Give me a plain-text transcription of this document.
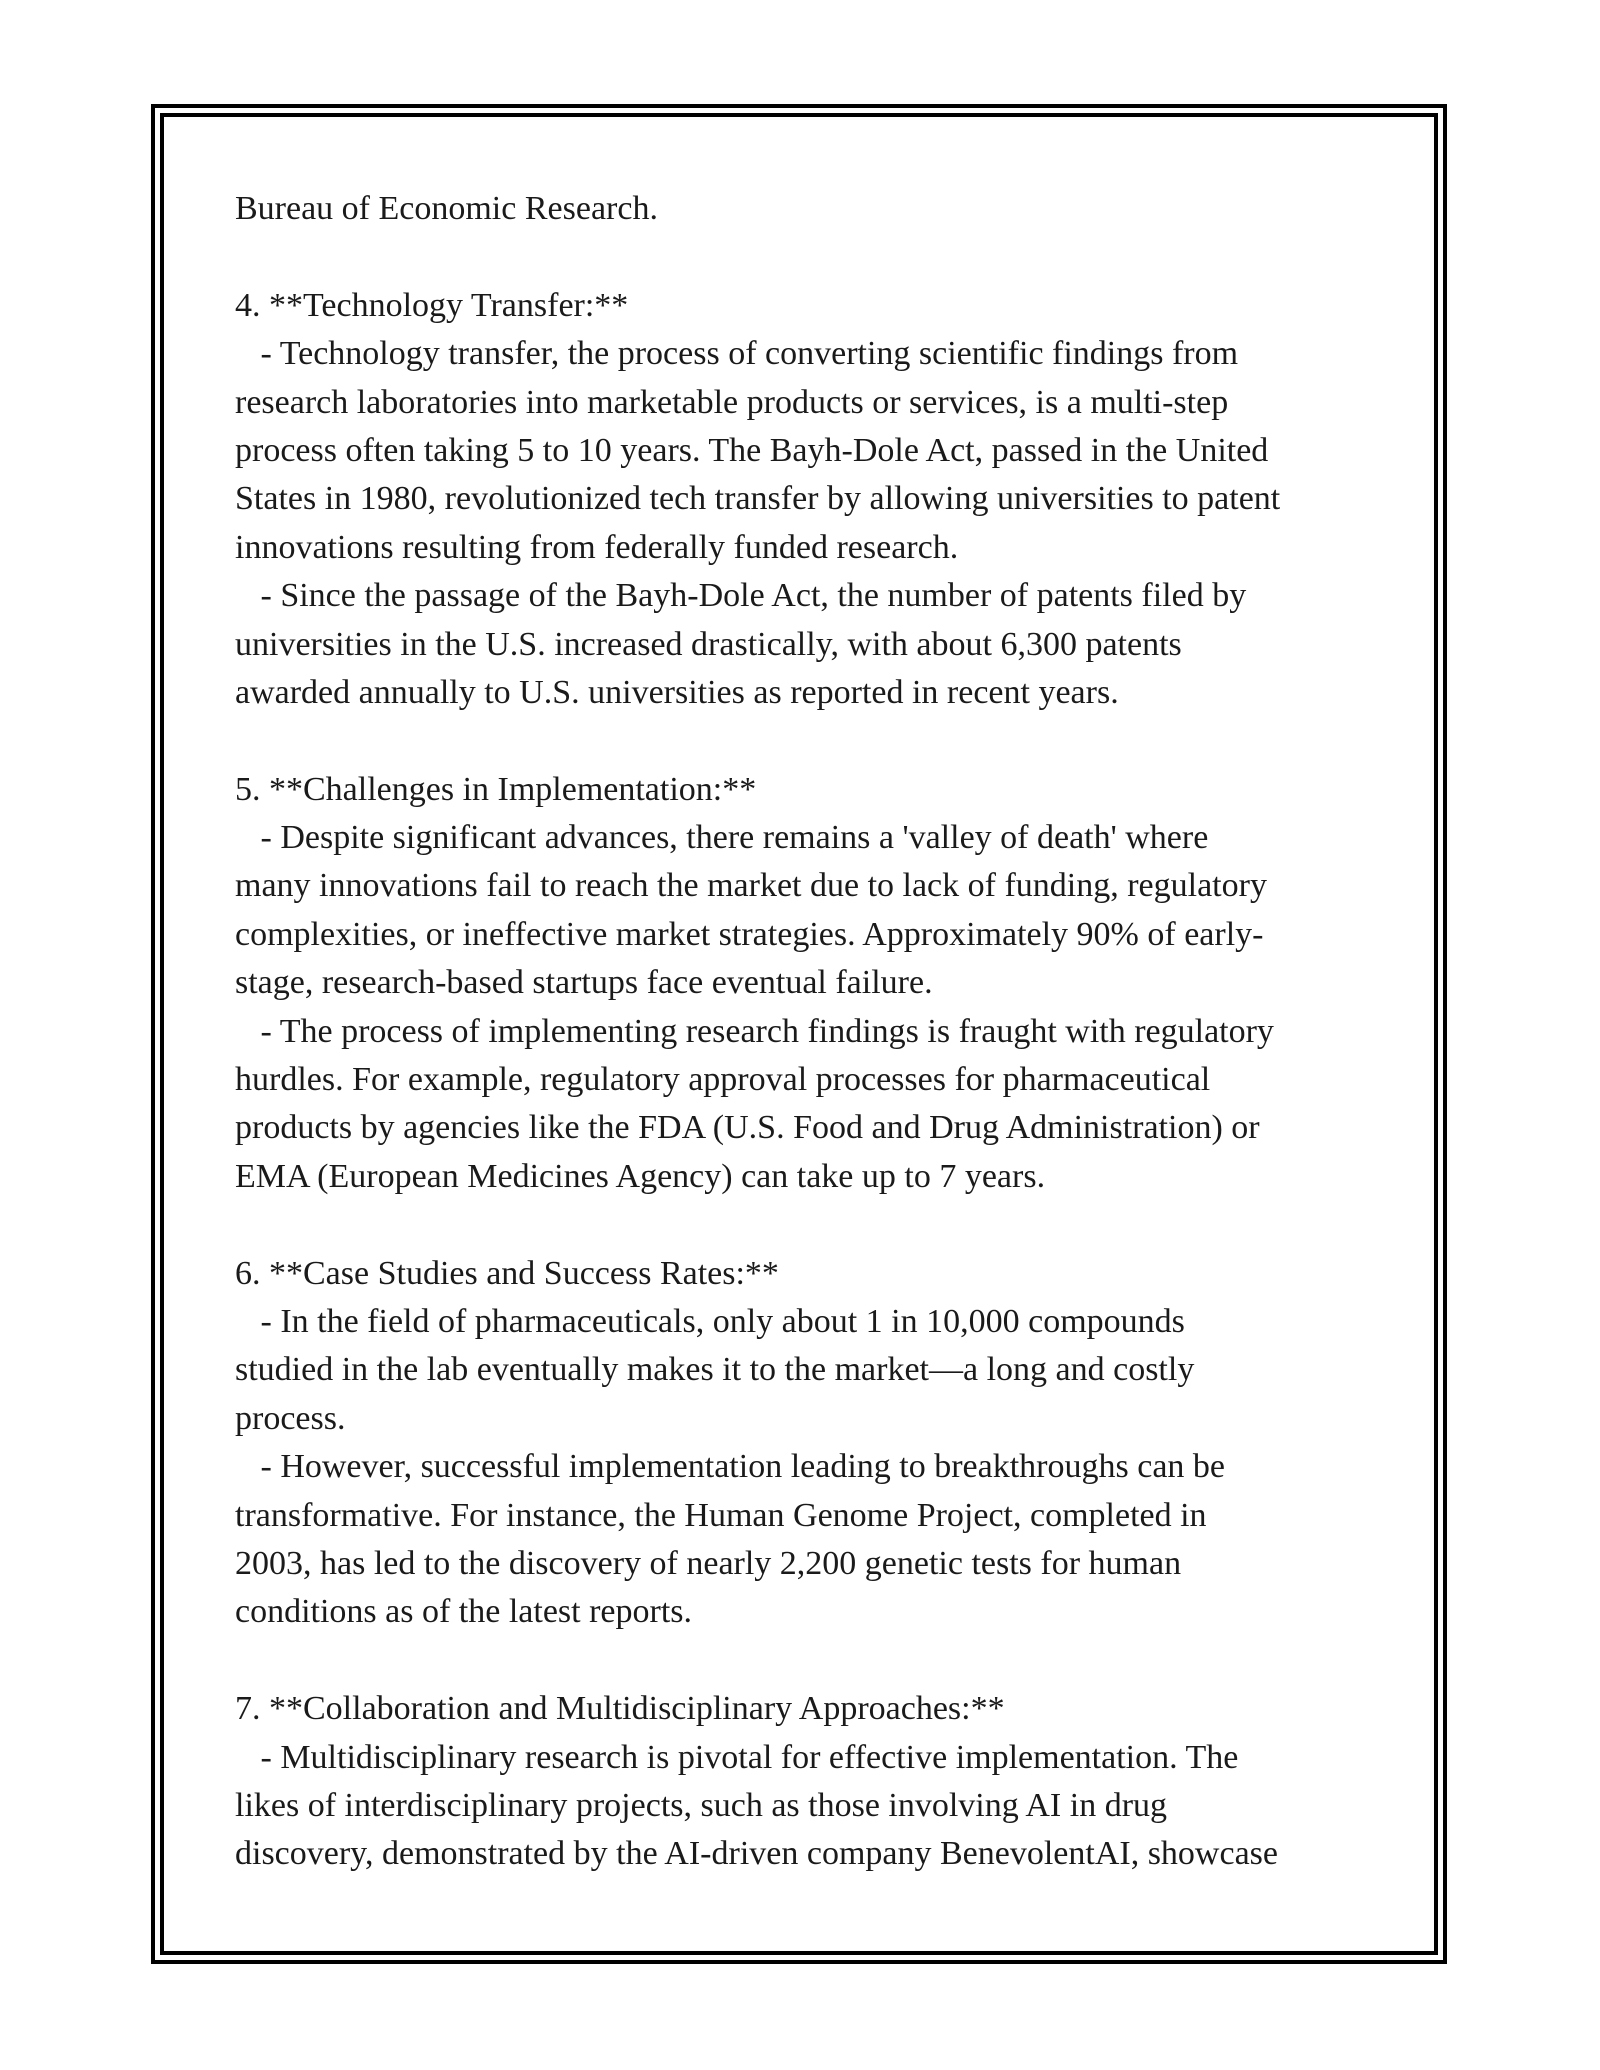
Bureau of Economic Research.
4. **Technology Transfer:**
- Technology transfer, the process of converting scientific findings from
research laboratories into marketable products or services, is a multi-step
process often taking 5 to 10 years. The Bayh-Dole Act, passed in the United
States in 1980, revolutionized tech transfer by allowing universities to patent
innovations resulting from federally funded research.
- Since the passage of the Bayh-Dole Act, the number of patents filed by
universities in the U.S. increased drastically, with about 6,300 patents
awarded annually to U.S. universities as reported in recent years.
5. **Challenges in Implementation:**
- Despite significant advances, there remains a 'valley of death' where
many innovations fail to reach the market due to lack of funding, regulatory
complexities, or ineffective market strategies. Approximately 90% of early-
stage, research-based startups face eventual failure.
- The process of implementing research findings is fraught with regulatory
hurdles. For example, regulatory approval processes for pharmaceutical
products by agencies like the FDA (U.S. Food and Drug Administration) or
EMA (European Medicines Agency) can take up to 7 years.
6. **Case Studies and Success Rates:**
- In the field of pharmaceuticals, only about 1 in 10,000 compounds
studied in the lab eventually makes it to the market—a long and costly
process.
- However, successful implementation leading to breakthroughs can be
transformative. For instance, the Human Genome Project, completed in
2003, has led to the discovery of nearly 2,200 genetic tests for human
conditions as of the latest reports.
7. **Collaboration and Multidisciplinary Approaches:**
- Multidisciplinary research is pivotal for effective implementation. The
likes of interdisciplinary projects, such as those involving AI in drug
discovery, demonstrated by the AI-driven company BenevolentAI, showcase
